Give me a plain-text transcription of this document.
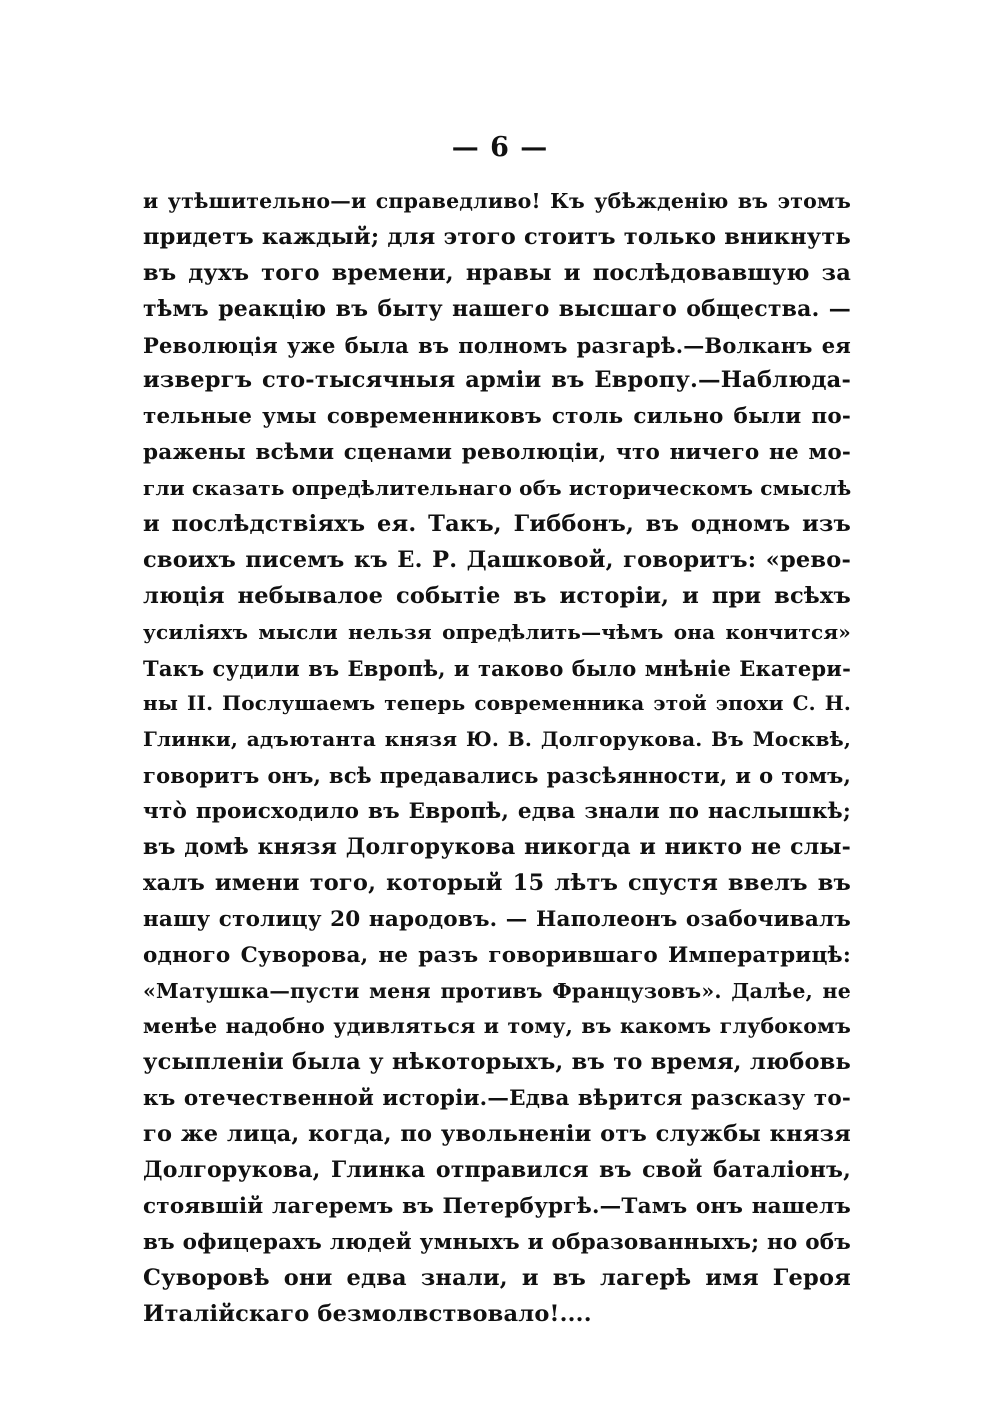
— 6 —
и утѣшительно—и справедливо! Къ убѣжденію въ этомъ
придетъ каждый; для этого стоитъ только вникнуть
въ духъ того времени, нравы и послѣдовавшую за
тѣмъ реакцію въ быту нашего высшаго общества. —
Революція уже была въ полномъ разгарѣ.—Волканъ ея
извергъ сто-тысячныя арміи въ Европу.—Наблюда-
тельные умы современниковъ столь сильно были по-
ражены всѣми сценами революціи, что ничего не мо-
гли сказать опредѣлительнаго объ историческомъ смыслѣ
и послѣдствіяхъ ея. Такъ, Гиббонъ, въ одномъ изъ
своихъ писемъ къ Е. Р. Дашковой, говоритъ: «рево-
люція небывалое событіе въ исторіи, и при всѣхъ
усиліяхъ мысли нельзя опредѣлить—чѣмъ она кончится»
Такъ судили въ Европѣ, и таково было мнѣніе Екатери-
ны II. Послушаемъ теперь современника этой эпохи С. Н.
Глинки, адъютанта князя Ю. В. Долгорукова. Въ Москвѣ,
говоритъ онъ, всѣ предавались разсѣянности, и о томъ,
что̀ происходило въ Европѣ, едва знали по наслышкѣ;
въ домѣ князя Долгорукова никогда и никто не слы-
халъ имени того, который 15 лѣтъ спустя ввелъ въ
нашу столицу 20 народовъ. — Наполеонъ озабочивалъ
одного Суворова, не разъ говорившаго Императрицѣ:
«Матушка—пусти меня противъ Французовъ». Далѣе, не
менѣе надобно удивляться и тому, въ какомъ глубокомъ
усыпленіи была у нѣкоторыхъ, въ то время, любовь
къ отечественной исторіи.—Едва вѣрится разсказу то-
го же лица, когда, по увольненіи отъ службы князя
Долгорукова, Глинка отправился въ свой баталіонъ,
стоявшій лагеремъ въ Петербургѣ.—Тамъ онъ нашелъ
въ офицерахъ людей умныхъ и образованныхъ; но объ
Суворовѣ они едва знали, и въ лагерѣ имя Героя
Италійскаго безмолвствовало!....
